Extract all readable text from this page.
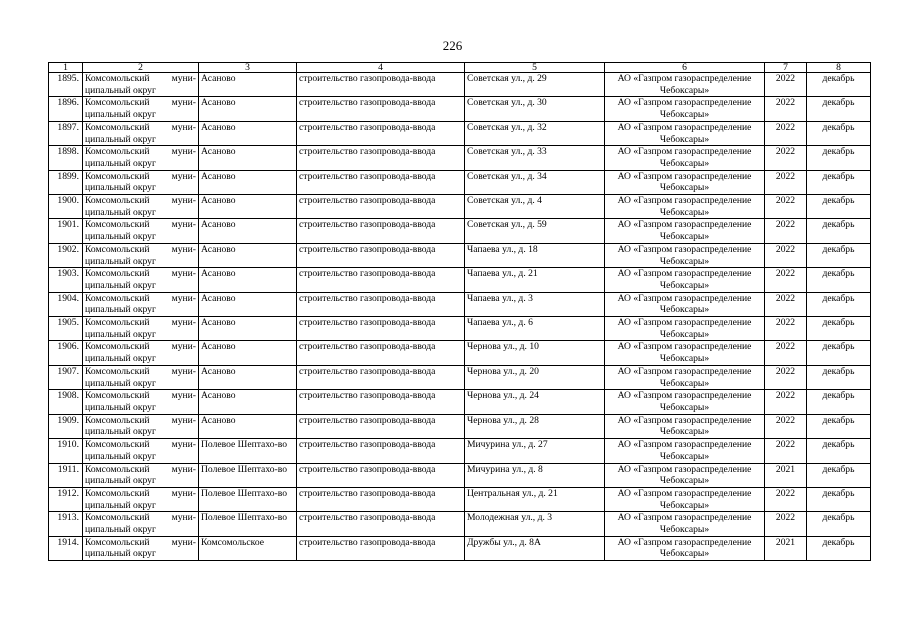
226
1	2	3	4	5	6	7	8
1895.	Комсомольский муни-ципальный округ	Асаново	строительство газопровода-ввода	Советская ул., д. 29	АО «Газпром газораспределение Чебоксары»	2022	декабрь
1896.	Комсомольский муни-ципальный округ	Асаново	строительство газопровода-ввода	Советская ул., д. 30	АО «Газпром газораспределение Чебоксары»	2022	декабрь
1897.	Комсомольский муни-ципальный округ	Асаново	строительство газопровода-ввода	Советская ул., д. 32	АО «Газпром газораспределение Чебоксары»	2022	декабрь
1898.	Комсомольский муни-ципальный округ	Асаново	строительство газопровода-ввода	Советская ул., д. 33	АО «Газпром газораспределение Чебоксары»	2022	декабрь
1899.	Комсомольский муни-ципальный округ	Асаново	строительство газопровода-ввода	Советская ул., д. 34	АО «Газпром газораспределение Чебоксары»	2022	декабрь
1900.	Комсомольский муни-ципальный округ	Асаново	строительство газопровода-ввода	Советская ул., д. 4	АО «Газпром газораспределение Чебоксары»	2022	декабрь
1901.	Комсомольский муни-ципальный округ	Асаново	строительство газопровода-ввода	Советская ул., д. 59	АО «Газпром газораспределение Чебоксары»	2022	декабрь
1902.	Комсомольский муни-ципальный округ	Асаново	строительство газопровода-ввода	Чапаева ул., д. 18	АО «Газпром газораспределение Чебоксары»	2022	декабрь
1903.	Комсомольский муни-ципальный округ	Асаново	строительство газопровода-ввода	Чапаева ул., д. 21	АО «Газпром газораспределение Чебоксары»	2022	декабрь
1904.	Комсомольский муни-ципальный округ	Асаново	строительство газопровода-ввода	Чапаева ул., д. 3	АО «Газпром газораспределение Чебоксары»	2022	декабрь
1905.	Комсомольский муни-ципальный округ	Асаново	строительство газопровода-ввода	Чапаева ул., д. 6	АО «Газпром газораспределение Чебоксары»	2022	декабрь
1906.	Комсомольский муни-ципальный округ	Асаново	строительство газопровода-ввода	Чернова ул., д. 10	АО «Газпром газораспределение Чебоксары»	2022	декабрь
1907.	Комсомольский муни-ципальный округ	Асаново	строительство газопровода-ввода	Чернова ул., д. 20	АО «Газпром газораспределение Чебоксары»	2022	декабрь
1908.	Комсомольский муни-ципальный округ	Асаново	строительство газопровода-ввода	Чернова ул., д. 24	АО «Газпром газораспределение Чебоксары»	2022	декабрь
1909.	Комсомольский муни-ципальный округ	Асаново	строительство газопровода-ввода	Чернова ул., д. 28	АО «Газпром газораспределение Чебоксары»	2022	декабрь
1910.	Комсомольский муни-ципальный округ	Полевое Шептахо-во	строительство газопровода-ввода	Мичурина ул., д. 27	АО «Газпром газораспределение Чебоксары»	2022	декабрь
1911.	Комсомольский муни-ципальный округ	Полевое Шептахо-во	строительство газопровода-ввода	Мичурина ул., д. 8	АО «Газпром газораспределение Чебоксары»	2021	декабрь
1912.	Комсомольский муни-ципальный округ	Полевое Шептахо-во	строительство газопровода-ввода	Центральная ул., д. 21	АО «Газпром газораспределение Чебоксары»	2022	декабрь
1913.	Комсомольский муни-ципальный округ	Полевое Шептахо-во	строительство газопровода-ввода	Молодежная ул., д. 3	АО «Газпром газораспределение Чебоксары»	2022	декабрь
1914.	Комсомольский муни-ципальный округ	Комсомольское	строительство газопровода-ввода	Дружбы ул., д. 8А	АО «Газпром газораспределение Чебоксары»	2021	декабрь
